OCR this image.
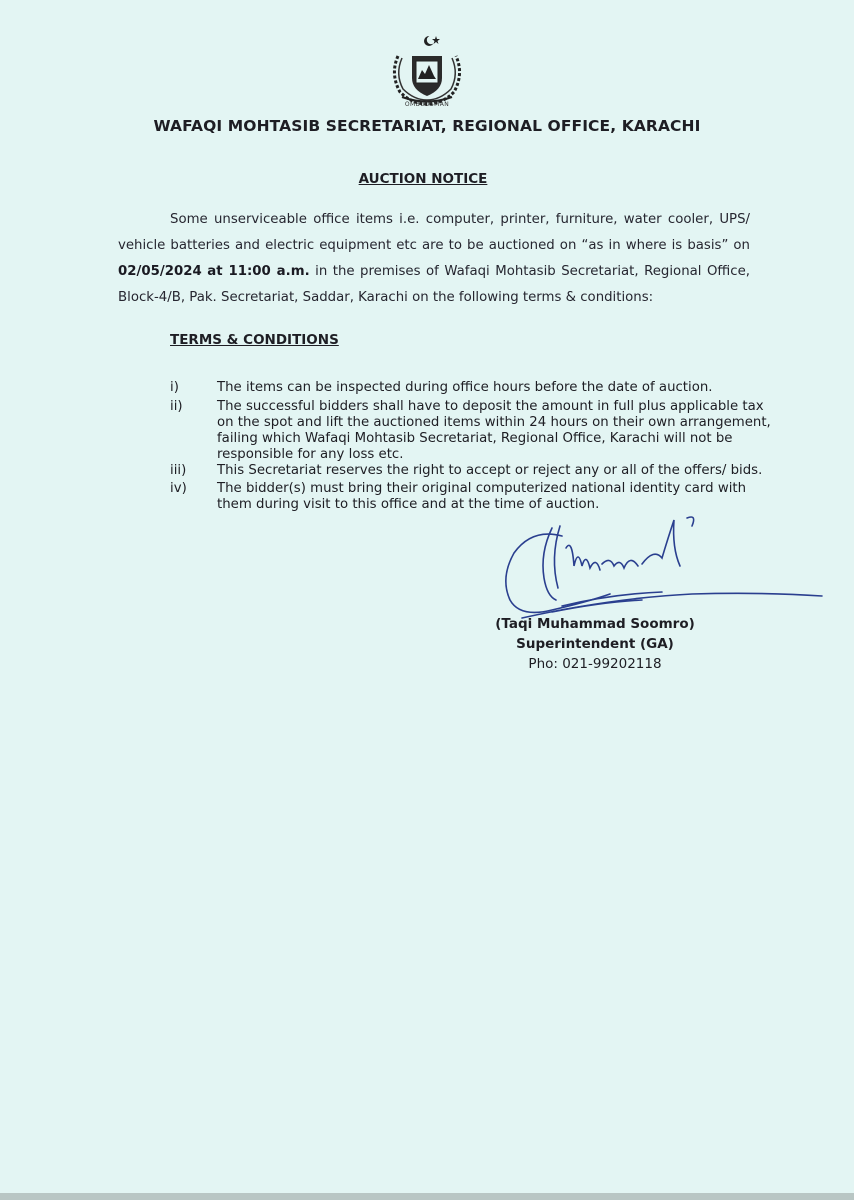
OMBUDSMAN
WAFAQI MOHTASIB SECRETARIAT, REGIONAL OFFICE, KARACHI
AUCTION NOTICE

Some unserviceable office items i.e. computer, printer, furniture, water cooler, UPS/ vehicle batteries and electric equipment etc are to be auctioned on “as in where is basis” on 02/05/2024 at 11:00 a.m. in the premises of Wafaqi Mohtasib Secretariat, Regional Office, Block-4/B, Pak. Secretariat, Saddar, Karachi on the following terms & conditions:

TERMS & CONDITIONS
i)	The items can be inspected during office hours before the date of auction.
ii)	The successful bidders shall have to deposit the amount in full plus applicable tax on the spot and lift the auctioned items within 24 hours on their own arrangement, failing which Wafaqi Mohtasib Secretariat, Regional Office, Karachi will not be responsible for any loss etc.
iii)	This Secretariat reserves the right to accept or reject any or all of the offers/ bids.
iv)	The bidder(s) must bring their original computerized national identity card with them during visit to this office and at the time of auction.
(Taqi Muhammad Soomro)
Superintendent (GA)
Pho: 021-99202118
